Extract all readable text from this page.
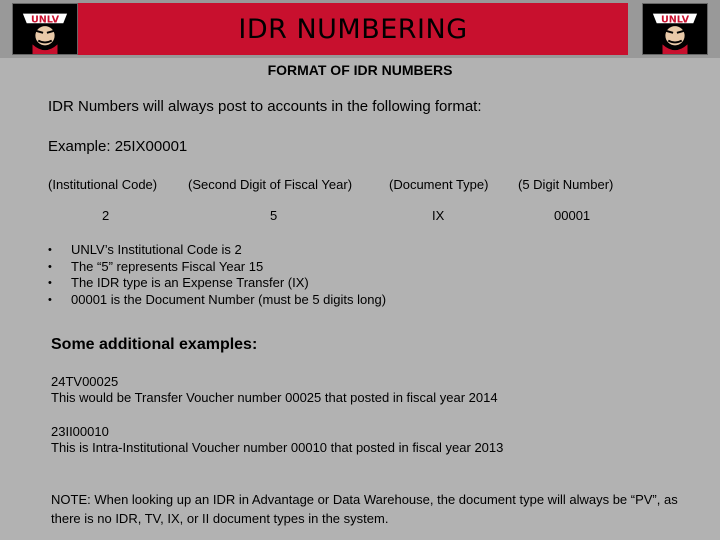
UNLV	IDR NUMBERING	UNLV
FORMAT OF IDR NUMBERS
IDR Numbers will always post to accounts in the following format:
Example: 25IX00001
(Institutional Code) (Second Digit of Fiscal Year)	(Document Type) (5 Digit Number)
2	5	IX	00001
• UNLV’s Institutional Code is 2
• The “5” represents Fiscal Year 15
• The IDR type is an Expense Transfer (IX)
• 00001 is the Document Number (must be 5 digits long)
Some additional examples:
24TV00025
This would be Transfer Voucher number 00025 that posted in fiscal year 2014
23II00010
This is Intra-Institutional Voucher number 00010 that posted in fiscal year 2013
NOTE: When looking up an IDR in Advantage or Data Warehouse, the document type will always be “PV”, as there is no IDR, TV, IX, or II document types in the system.
